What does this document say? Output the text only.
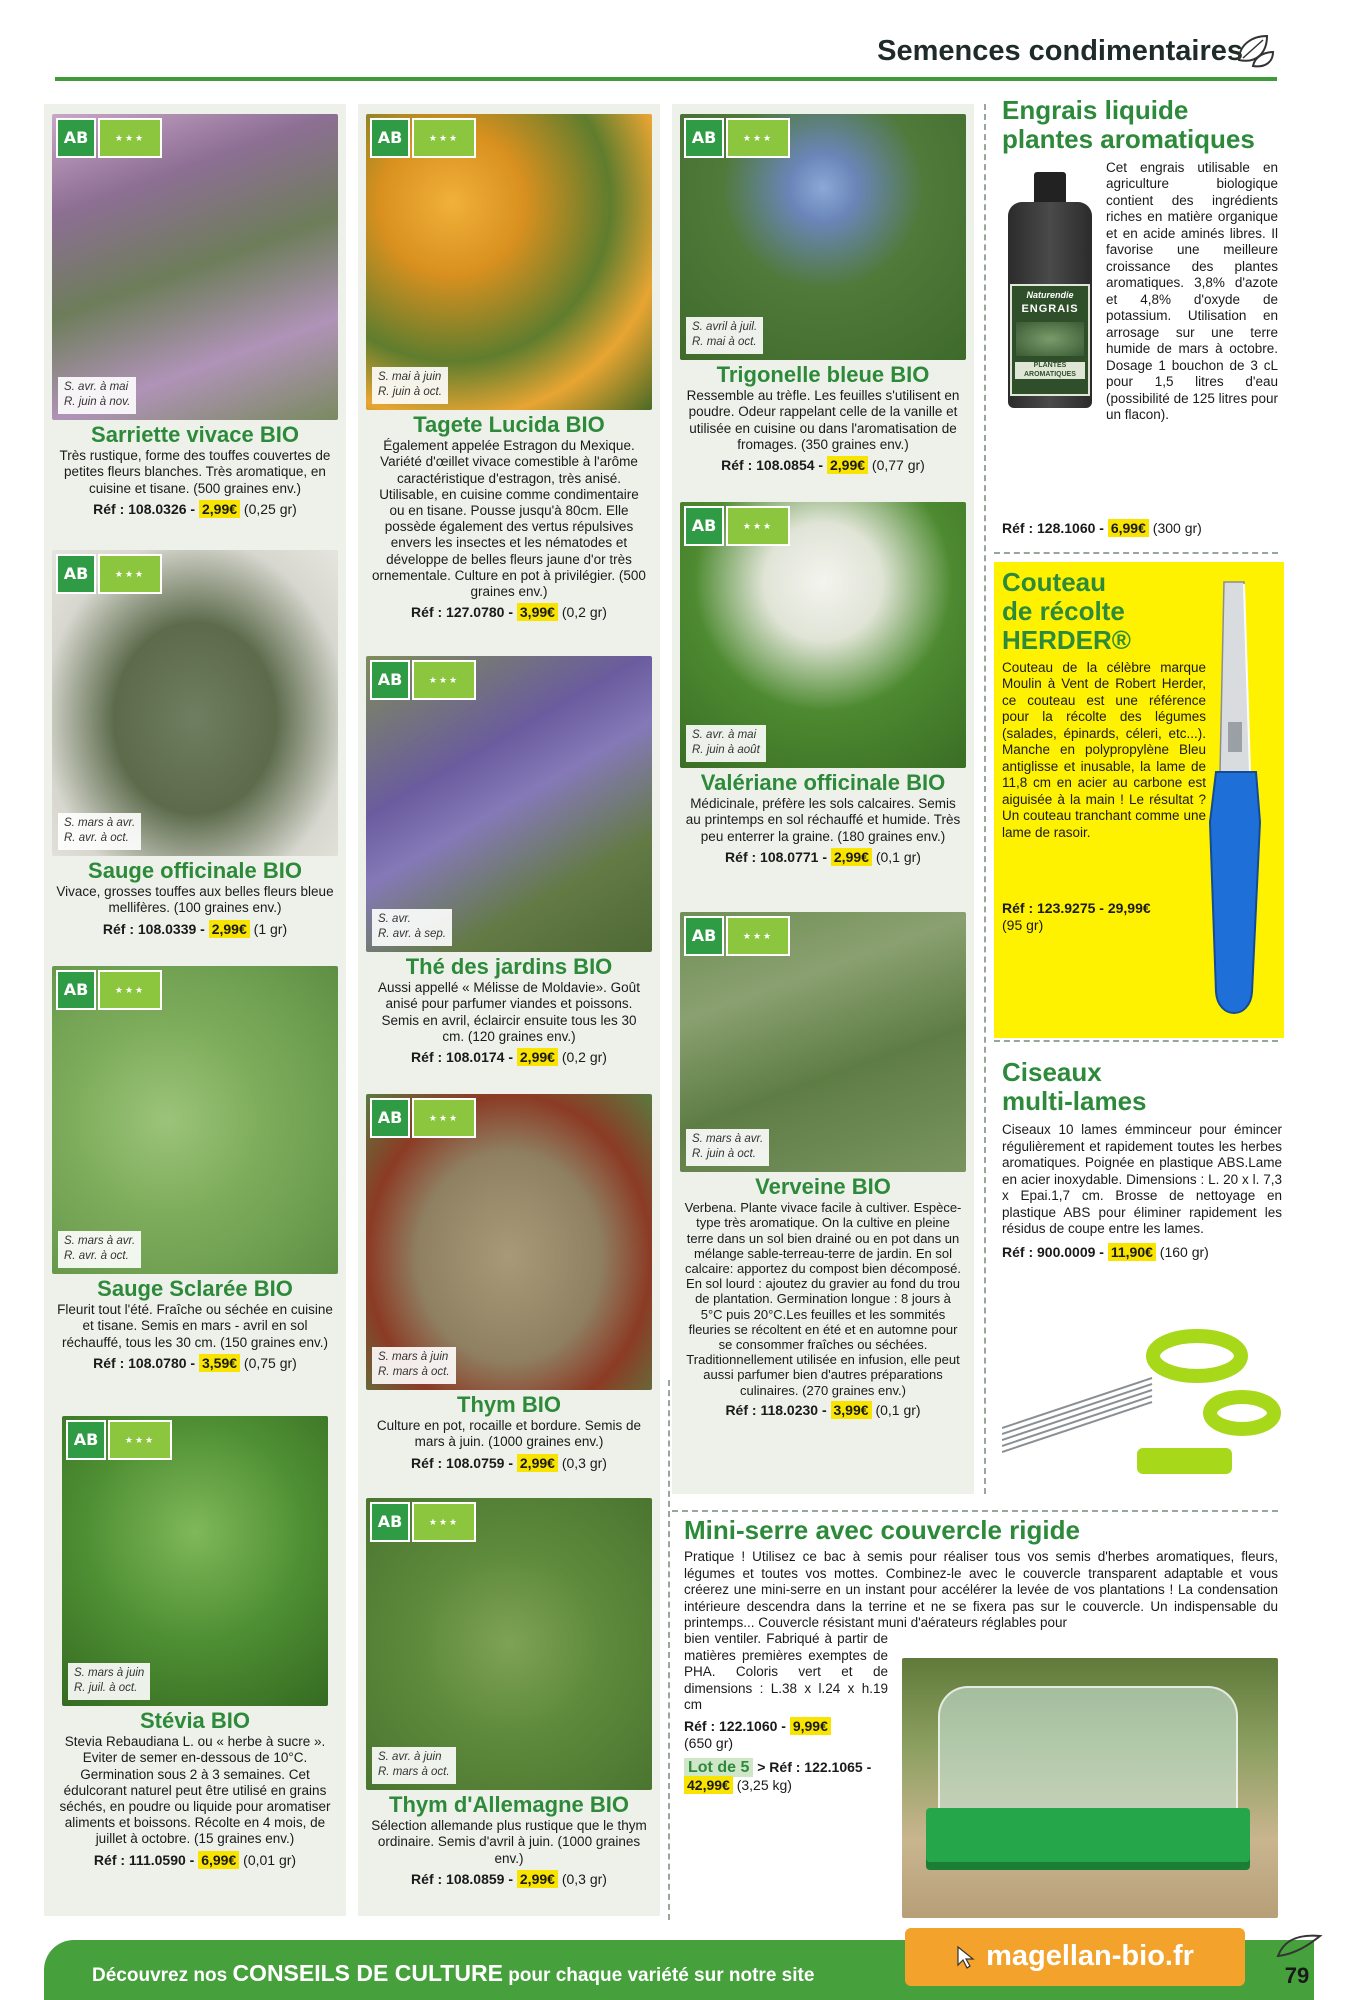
Semences condimentaires
AB	★★★
S. avr. à mai
R. juin à nov.
Sarriette vivace BIO
Très rustique, forme des touffes couvertes de petites fleurs blanches. Très aromatique, en cuisine et tisane. (500 graines env.)
Réf : 108.0326 - 2,99€ (0,25 gr)
AB	★★★
S. mars à avr.
R. avr. à oct.
Sauge officinale BIO
Vivace, grosses touffes aux belles fleurs bleue mellifères. (100 graines env.)
Réf : 108.0339 - 2,99€ (1 gr)
AB	★★★
S. mars à avr.
R. avr. à oct.
Sauge Sclarée BIO
Fleurit tout l'été. Fraîche ou séchée en cuisine et tisane. Semis en mars - avril en sol réchauffé, tous les 30 cm. (150 graines env.)
Réf : 108.0780 - 3,59€ (0,75 gr)
AB	★★★
S. mars à juin
R. juil. à oct.
Stévia BIO
Stevia Rebaudiana L. ou « herbe à sucre ». Eviter de semer en-dessous de 10°C. Germination sous 2 à 3 semaines. Cet édulcorant naturel peut être utilisé en grains séchés, en poudre ou liquide pour aromatiser aliments et boissons. Récolte en 4 mois, de juillet à octobre. (15 graines env.)
Réf : 111.0590 - 6,99€ (0,01 gr)
AB	★★★
S. mai à juin
R. juin à oct.
Tagete Lucida BIO
Également appelée Estragon du Mexique. Variété d'œillet vivace comestible à l'arôme caractéristique d'estragon, très anisé. Utilisable, en cuisine comme condimentaire ou en tisane. Pousse jusqu'à 80cm. Elle possède également des vertus répulsives envers les insectes et les nématodes et développe de belles fleurs jaune d'or très ornementale. Culture en pot à privilégier. (500 graines env.)
Réf : 127.0780 - 3,99€ (0,2 gr)
AB	★★★
S. avr.
R. avr. à sep.
Thé des jardins BIO
Aussi appellé « Mélisse de Moldavie». Goût anisé pour parfumer viandes et poissons. Semis en avril, éclaircir ensuite tous les 30 cm. (120 graines env.)
Réf : 108.0174 - 2,99€ (0,2 gr)
AB	★★★
S. mars à juin
R. mars à oct.
Thym BIO
Culture en pot, rocaille et bordure. Semis de mars à juin. (1000 graines env.)
Réf : 108.0759 - 2,99€ (0,3 gr)
AB	★★★
S. avr. à juin
R. mars à oct.
Thym d'Allemagne BIO
Sélection allemande plus rustique que le thym ordinaire. Semis d'avril à juin. (1000 graines env.)
Réf : 108.0859 - 2,99€ (0,3 gr)
AB	★★★
S. avril à juil.
R. mai à oct.
Trigonelle bleue BIO
Ressemble au trèfle. Les feuilles s'utilisent en poudre. Odeur rappelant celle de la vanille et utilisée en cuisine ou dans l'aromatisation de fromages. (350 graines env.)
Réf : 108.0854 - 2,99€ (0,77 gr)
AB	★★★
S. avr. à mai
R. juin à août
Valériane officinale BIO
Médicinale, préfère les sols calcaires. Semis au printemps en sol réchauffé et humide. Très peu enterrer la graine. (180 graines env.)
Réf : 108.0771 - 2,99€ (0,1 gr)
AB	★★★
S. mars à avr.
R. juin à oct.
Verveine BIO
Verbena. Plante vivace facile à cultiver. Espèce-type très aromatique. On la cultive en pleine terre dans un sol bien drainé ou en pot dans un mélange sable-terreau-terre de jardin. En sol calcaire: apportez du compost bien décomposé. En sol lourd : ajoutez du gravier au fond du trou de plantation. Germination longue : 8 jours à 5°C puis 20°C.Les feuilles et les sommités fleuries se récoltent en été et en automne pour se consommer fraîches ou séchées. Traditionnellement utilisée en infusion, elle peut aussi parfumer bien d'autres préparations culinaires. (270 graines env.)
Réf : 118.0230 - 3,99€ (0,1 gr)
Engrais liquide plantes aromatiques
Naturendie
ENGRAIS
PLANTES AROMATIQUES
Cet engrais utilisable en agriculture biologique contient des ingrédients riches en matière organique et en acide aminés libres. Il favorise une meilleure croissance des plantes aromatiques. 3,8% d'azote et 4,8% d'oxyde de potassium. Utilisation en arrosage sur une terre humide de mars à octobre. Dosage 1 bouchon de 3 cL pour 1,5 litres d'eau (possibilité de 125 litres pour un flacon).
Réf : 128.1060 - 6,99€ (300 gr)
Couteau
de récolte
HERDER®
Couteau de la célèbre marque Moulin à Vent de Robert Herder, ce couteau est une référence pour la récolte des légumes (salades, épinards, céleri, etc...). Manche en polypropylène Bleu antiglisse et inusable, la lame de 11,8 cm en acier au carbone est aiguisée à la main ! Le résultat ? Un couteau tranchant comme une lame de rasoir.
Réf : 123.9275 - 29,99€
(95 gr)
Ciseaux
multi-lames
Ciseaux 10 lames émminceur pour émincer régulièrement et rapidement toutes les herbes aromatiques. Poignée en plastique ABS.Lame en acier inoxydable. Dimensions : L. 20 x l. 7,3 x Epai.1,7 cm. Brosse de nettoyage en plastique ABS pour éliminer rapidement les résidus de coupe entre les lames.
Réf : 900.0009 - 11,90€ (160 gr)
Mini-serre avec couvercle rigide
Pratique ! Utilisez ce bac à semis pour réaliser tous vos semis d'herbes aromatiques, fleurs, légumes et toutes vos mottes. Combinez-le avec le couvercle transparent adaptable et vous créerez une mini-serre en un instant pour accélérer la levée de vos plantations ! La condensation intérieure descendra dans la terrine et ne se fixera pas sur le couvercle. Un indispensable du printemps... Couvercle résistant muni d'aérateurs réglables pour
bien ventiler. Fabriqué à partir de matières premières exemptes de PHA. Coloris vert et de dimensions : L.38 x l.24 x h.19 cm
Réf : 122.1060 - 9,99€
(650 gr)
Lot de 5 > Réf : 122.1065 -
42,99€ (3,25 kg)
Découvrez nos CONSEILS DE CULTURE pour chaque variété sur notre site
magellan-bio.fr
79
